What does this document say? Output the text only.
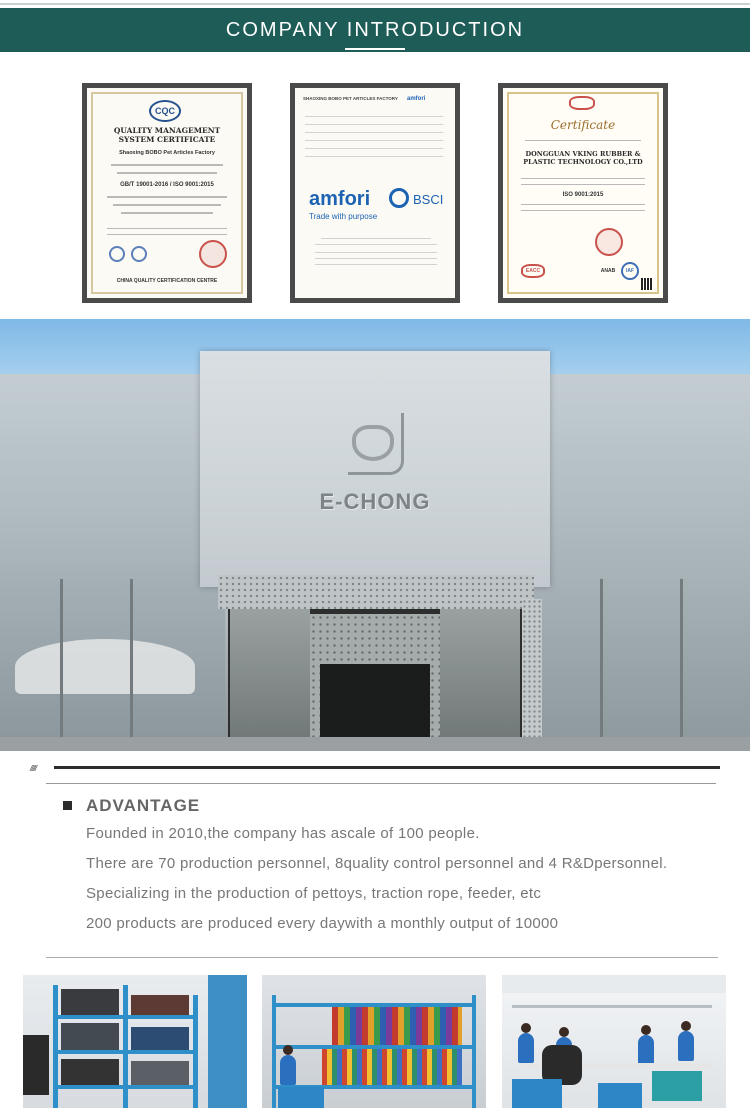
COMPANY INTRODUCTION
CQC
QUALITY MANAGEMENT SYSTEM CERTIFICATE
Shaoxing BOBO Pet Articles Factory
GB/T 19001-2016 / ISO 9001:2015
CHINA QUALITY CERTIFICATION CENTRE
SHAOXING BOBO PET ARTICLES FACTORY	amfori
amfori	BSCI
Trade with purpose
Certificate
DONGGUAN VKING RUBBER & PLASTIC TECHNOLOGY CO.,LTD
ISO 9001:2015
EACC	ANAB	IAF
E-CHONG
/////
ADVANTAGE
Founded in 2010,the company has ascale of 100 people.
There are 70 production personnel, 8quality control personnel and 4 R&Dpersonnel.
Specializing in the production of pettoys, traction rope, feeder, etc
200 products are produced every daywith a monthly output of 10000
